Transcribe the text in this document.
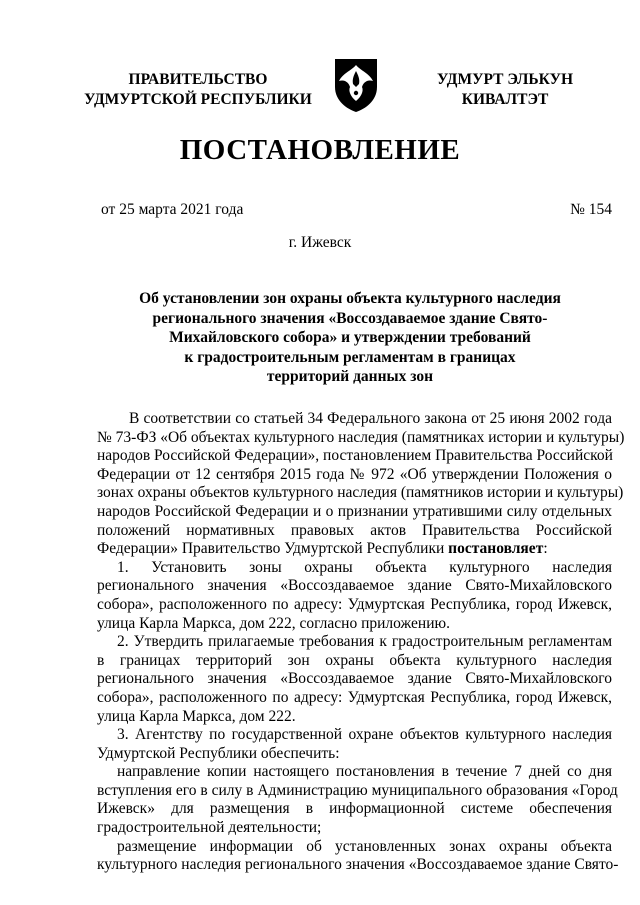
ПРАВИТЕЛЬСТВО
УДМУРТСКОЙ РЕСПУБЛИКИ
УДМУРТ ЭЛЬКУН
КИВАЛТЭТ
ПОСТАНОВЛЕНИЕ
от 25 марта 2021 года	№ 154
г. Ижевск
Об установлении зон охраны объекта культурного наследия
регионального значения «Воссоздаваемое здание Свято-
Михайловского собора» и утверждении требований
к градостроительным регламентам в границах
территорий данных зон
В соответствии со статьей 34 Федерального закона от 25 июня 2002 года
№ 73-ФЗ «Об объектах культурного наследия (памятниках истории и культуры)
народов Российской Федерации», постановлением Правительства Российской
Федерации от 12 сентября 2015 года № 972 «Об утверждении Положения о
зонах охраны объектов культурного наследия (памятников истории и культуры)
народов Российской Федерации и о признании утратившими силу отдельных
положений нормативных правовых актов Правительства Российской
Федерации» Правительство Удмуртской Республики постановляет:
1. Установить зоны охраны объекта культурного наследия
регионального значения «Воссоздаваемое здание Свято-Михайловского
собора», расположенного по адресу: Удмуртская Республика, город Ижевск,
улица Карла Маркса, дом 222, согласно приложению.
2. Утвердить прилагаемые требования к градостроительным регламентам
в границах территорий зон охраны объекта культурного наследия
регионального значения «Воссоздаваемое здание Свято-Михайловского
собора», расположенного по адресу: Удмуртская Республика, город Ижевск,
улица Карла Маркса, дом 222.
3. Агентству по государственной охране объектов культурного наследия
Удмуртской Республики обеспечить:
направление копии настоящего постановления в течение 7 дней со дня
вступления его в силу в Администрацию муниципального образования «Город
Ижевск» для размещения в информационной системе обеспечения
градостроительной деятельности;
размещение информации об установленных зонах охраны объекта
культурного наследия регионального значения «Воссоздаваемое здание Свято-
